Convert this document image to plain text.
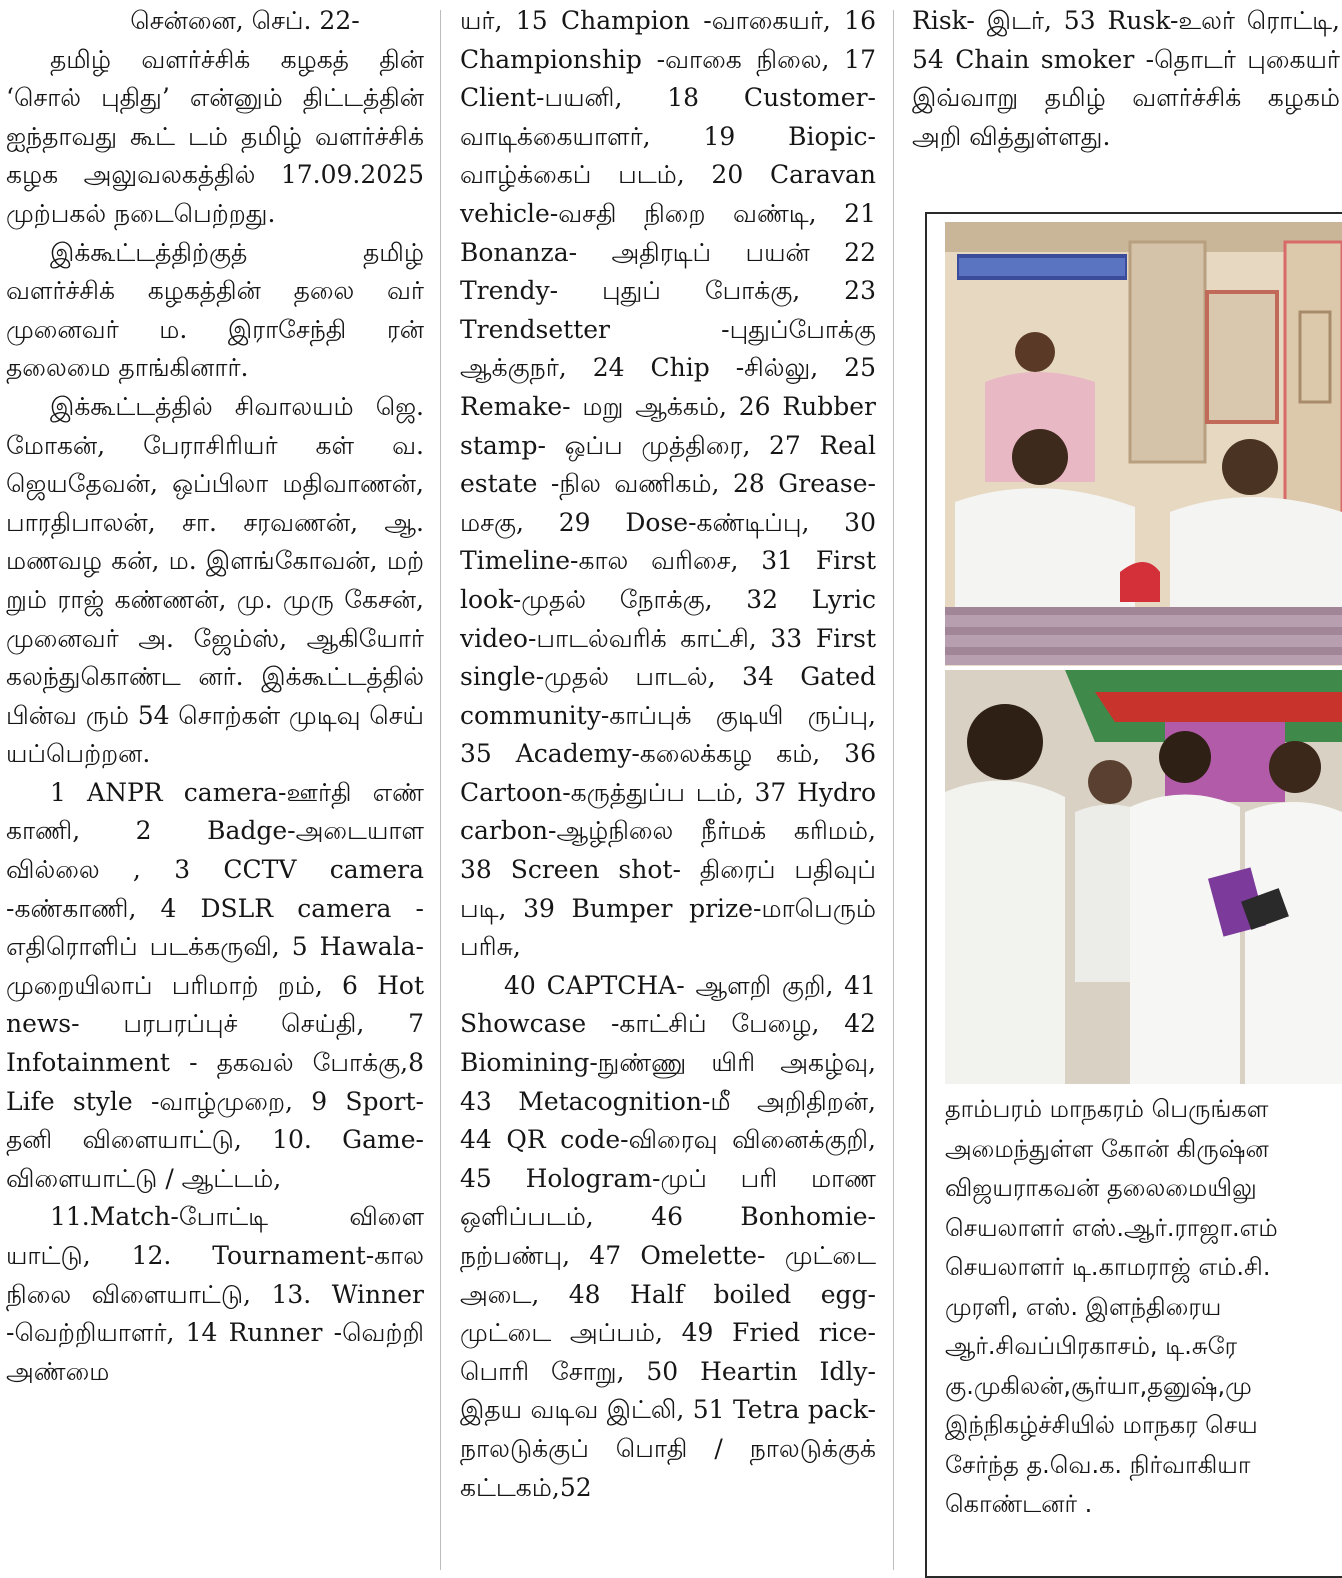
சென்னை, செப். 22-

தமிழ் வளர்ச்சிக் கழகத் தின் ‘சொல் புதிது’ என்னும் திட்டத்தின் ஐந்தாவது கூட் டம் தமிழ் வளர்ச்சிக் கழக அலுவலகத்தில் 17.09.2025 முற்பகல் நடைபெற்றது.

இக்கூட்டத்திற்குத் தமிழ் வளர்ச்சிக் கழகத்தின் தலை வர் முனைவர் ம. இராசேந்தி ரன் தலைமை தாங்கினார்.

இக்கூட்டத்தில் சிவாலயம் ஜெ. மோகன், பேராசிரியர் கள் வ. ஜெயதேவன், ஒப்பிலா மதிவாணன், பாரதிபாலன், சா. சரவணன், ஆ. மணவழ கன், ம. இளங்கோவன், மற் றும் ராஜ் கண்ணன், மு. முரு கேசன், முனைவர் அ. ஜேம்ஸ், ஆகியோர் கலந்துகொண்ட னர். இக்கூட்டத்தில் பின்வ ரும் 54 சொற்கள் முடிவு செய் யப்பெற்றன.

1 ANPR camera-ஊர்தி எண் காணி, 2 Badge-அடையாள வில்லை , 3 CCTV camera -கண்காணி, 4 DSLR camera - எதிரொளிப் படக்கருவி, 5 Hawala- முறையிலாப் பரிமாற் றம், 6 Hot news- பரபரப்புச் செய்தி, 7 Infotainment - தகவல் போக்கு,8 Life style -வாழ்முறை, 9 Sport-தனி விளையாட்டு, 10. Game- விளையாட்டு / ஆட்டம்,

11.Match-போட்டி விளை யாட்டு, 12. Tournament-கால நிலை விளையாட்டு, 13. Winner -வெற்றியாளர், 14 Runner -வெற்றி அண்மை

யர், 15 Champion -வாகையர், 16 Championship -வாகை நிலை, 17 Client-பயனி, 18 Customer-வாடிக்கையாளர், 19 Biopic-வாழ்க்கைப் படம், 20 Caravan vehicle-வசதி நிறை வண்டி, 21 Bonanza- அதிரடிப் பயன் 22 Trendy- புதுப் போக்கு, 23 Trendsetter -புதுப்போக்கு ஆக்குநர், 24 Chip -சில்லு, 25 Remake- மறு ஆக்கம், 26 Rubber stamp- ஒப்ப முத்திரை, 27 Real estate -நில வணிகம், 28 Grease- மசகு, 29 Dose-கண்டிப்பு, 30 Timeline-கால வரிசை, 31 First look-முதல் நோக்கு, 32 Lyric video-பாடல்வரிக் காட்சி, 33 First single-முதல் பாடல், 34 Gated community-காப்புக் குடியி ருப்பு, 35 Academy-கலைக்கழ கம், 36 Cartoon-கருத்துப்ப டம், 37 Hydro carbon-ஆழ்நிலை நீர்மக் கரிமம், 38 Screen shot- திரைப் பதிவுப் படி, 39 Bumper prize-மாபெரும் பரிசு,

40 CAPTCHA- ஆளறி குறி, 41 Showcase -காட்சிப் பேழை, 42 Biomining-நுண்ணு யிரி அகழ்வு, 43 Metacognition-மீ அறிதிறன், 44 QR code-விரைவு வினைக்குறி, 45 Hologram-முப் பரி மாண ஒளிப்படம், 46 Bonhomie-நற்பண்பு, 47 Omelette- முட்டை அடை, 48 Half boiled egg-முட்டை அப்பம், 49 Fried rice-பொரி சோறு, 50 Heartin Idly-இதய வடிவ இட்லி, 51 Tetra pack- நாலடுக்குப் பொதி / நாலடுக்குக் கட்டகம்,52

Risk- இடர், 53 Rusk-உலர் ரொட்டி, 54 Chain smoker -தொடர் புகையர் இவ்வாறு தமிழ் வளர்ச்சிக் கழகம் அறி வித்துள்ளது.

தாம்பரம் மாநகரம் பெருங்கள
அமைந்துள்ள கோன் கிருஷ்ன
விஜயராகவன் தலைமையிலு
செயலாளர் எஸ்.ஆர்.ராஜா.எம்
செயலாளர் டி.காமராஜ் எம்.சி.
முரளி, எஸ். இளந்திரைய
ஆர்.சிவப்பிரகாசம், டி.சுரே
கு.முகிலன்,சூர்யா,தனுஷ்,மு
இந்நிகழ்ச்சியில் மாநகர செய
சேர்ந்த த.வெ.க. நிர்வாகியா
கொண்டனர் .
